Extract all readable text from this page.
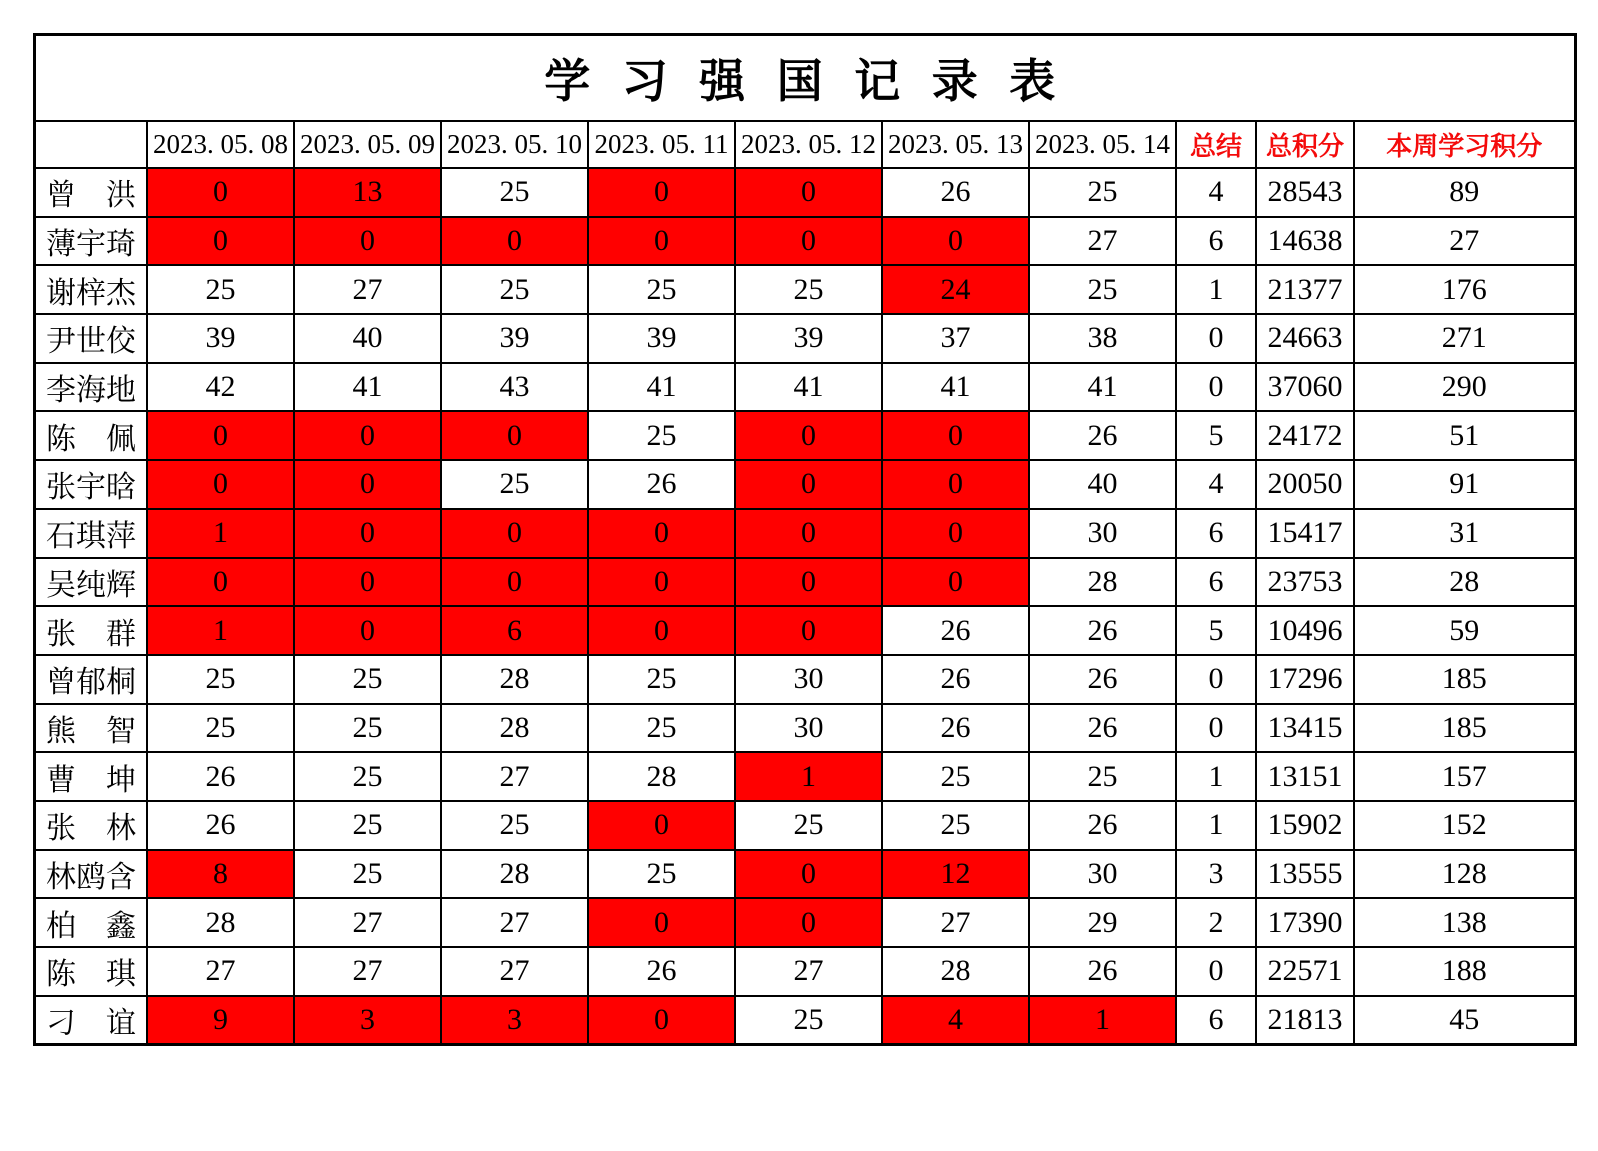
学 习 强 国 记 录 表										
	2023. 05. 08	2023. 05. 09	2023. 05. 10	2023. 05. 11	2023. 05. 12	2023. 05. 13	2023. 05. 14	总结	总积分	本周学习积分
曾洪	0	13	25	0	0	26	25	4	28543	89
薄宇琦	0	0	0	0	0	0	27	6	14638	27
谢梓杰	25	27	25	25	25	24	25	1	21377	176
尹世佼	39	40	39	39	39	37	38	0	24663	271
李海地	42	41	43	41	41	41	41	0	37060	290
陈佩	0	0	0	25	0	0	26	5	24172	51
张宇晗	0	0	25	26	0	0	40	4	20050	91
石琪萍	1	0	0	0	0	0	30	6	15417	31
吴纯辉	0	0	0	0	0	0	28	6	23753	28
张群	1	0	6	0	0	26	26	5	10496	59
曾郁桐	25	25	28	25	30	26	26	0	17296	185
熊智	25	25	28	25	30	26	26	0	13415	185
曹坤	26	25	27	28	1	25	25	1	13151	157
张林	26	25	25	0	25	25	26	1	15902	152
林鸥含	8	25	28	25	0	12	30	3	13555	128
柏鑫	28	27	27	0	0	27	29	2	17390	138
陈琪	27	27	27	26	27	28	26	0	22571	188
刁谊	9	3	3	0	25	4	1	6	21813	45
